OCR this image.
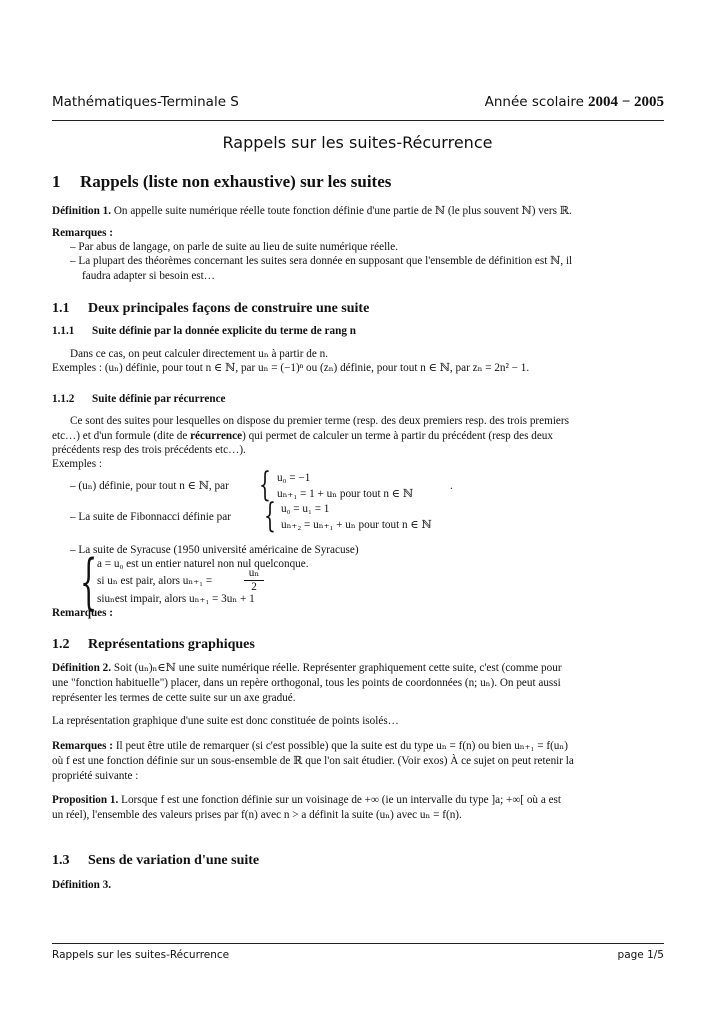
Mathématiques-Terminale S	Année scolaire 2004 − 2005
Rappels sur les suites-Récurrence
1 Rappels (liste non exhaustive) sur les suites
Définition 1. On appelle suite numérique réelle toute fonction définie d'une partie de ℕ (le plus souvent ℕ) vers ℝ.
Remarques :
– Par abus de langage, on parle de suite au lieu de suite numérique réelle.
– La plupart des théorèmes concernant les suites sera donnée en supposant que l'ensemble de définition est ℕ, il
faudra adapter si besoin est…
1.1 Deux principales façons de construire une suite
1.1.1 Suite définie par la donnée explicite du terme de rang n
Dans ce cas, on peut calculer directement uₙ à partir de n.
Exemples : (uₙ) définie, pour tout n ∈ ℕ, par uₙ = (−1)ⁿ ou (zₙ) définie, pour tout n ∈ ℕ, par zₙ = 2n² − 1.
1.1.2 Suite définie par récurrence
Ce sont des suites pour lesquelles on dispose du premier terme (resp. des deux premiers resp. des trois premiers
etc…) et d'un formule (dite de récurrence) qui permet de calculer un terme à partir du précédent (resp des deux
précédents resp des trois précédents etc…).
Exemples :
– (uₙ) définie, pour tout n ∈ ℕ, par { u₀ = −1
uₙ₊₁ = 1 + uₙ pour tout n ∈ ℕ
.
– La suite de Fibonnacci définie par { u₀ = u₁ = 1
uₙ₊₂ = uₙ₊₁ + uₙ pour tout n ∈ ℕ
– La suite de Syracuse (1950 université américaine de Syracuse)
{ a = u₀ est un entier naturel non nul quelconque.
si uₙ est pair, alors uₙ₊₁ =	$\frac{\text{uₙ}}{2}$
siuₙest impair, alors uₙ₊₁ = 3uₙ + 1
Remarques :
1.2 Représentations graphiques
Définition 2. Soit (uₙ)ₙ∈ℕ une suite numérique réelle. Représenter graphiquement cette suite, c'est (comme pour
une "fonction habituelle") placer, dans un repère orthogonal, tous les points de coordonnées (n; uₙ). On peut aussi
représenter les termes de cette suite sur un axe gradué.
La représentation graphique d'une suite est donc constituée de points isolés…
Remarques : Il peut être utile de remarquer (si c'est possible) que la suite est du type uₙ = f(n) ou bien uₙ₊₁ = f(uₙ)
où f est une fonction définie sur un sous-ensemble de ℝ que l'on sait étudier. (Voir exos) À ce sujet on peut retenir la
propriété suivante :
Proposition 1. Lorsque f est une fonction définie sur un voisinage de +∞ (ie un intervalle du type ]a; +∞[ où a est
un réel), l'ensemble des valeurs prises par f(n) avec n > a définit la suite (uₙ) avec uₙ = f(n).
1.3 Sens de variation d'une suite
Définition 3.
Rappels sur les suites-Récurrence	page 1/5
